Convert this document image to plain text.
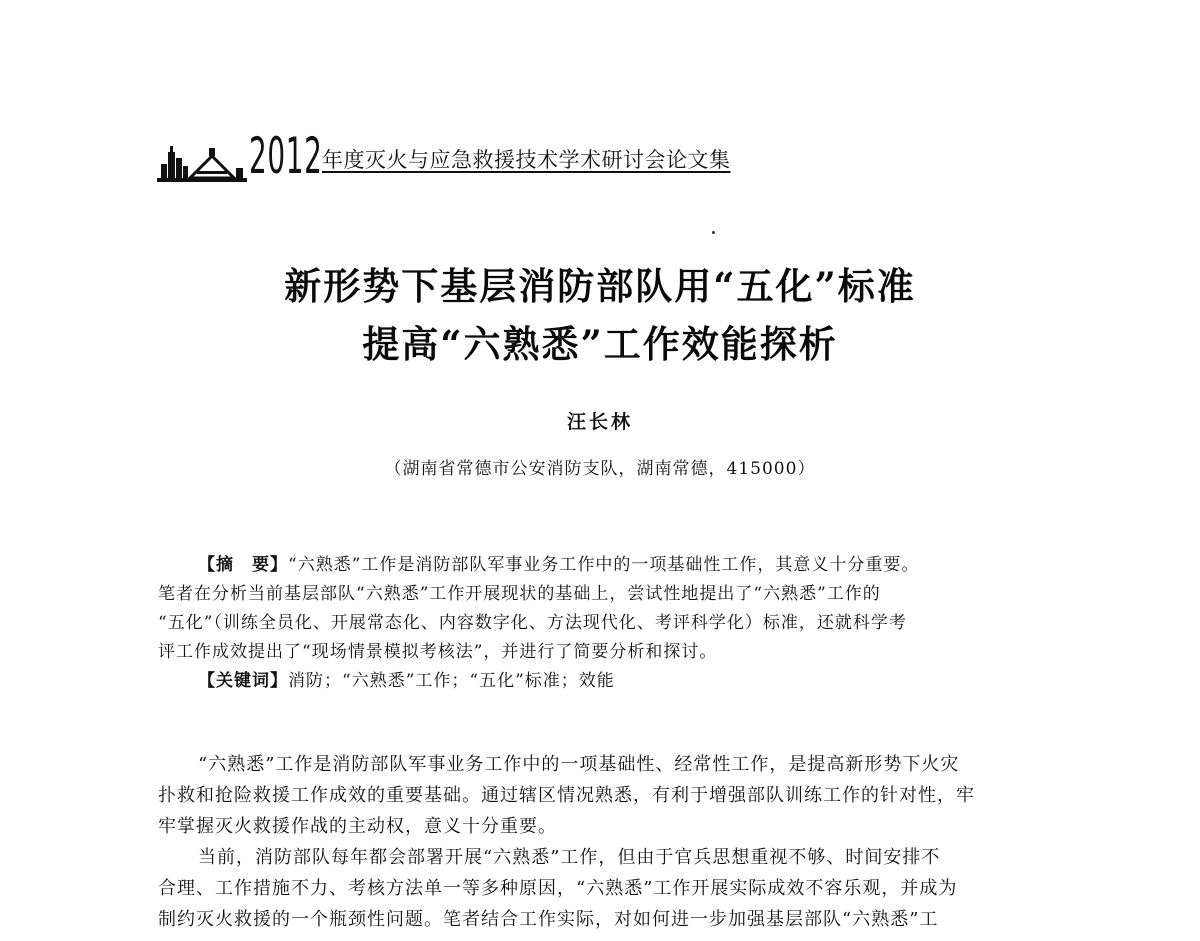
2012 年度灭火与应急救援技术学术研讨会论文集
新形势下基层消防部队用“五化”标准
提高“六熟悉”工作效能探析
汪长林
（湖南省常德市公安消防支队，湖南常德，415000）
【摘　要】“六熟悉”工作是消防部队军事业务工作中的一项基础性工作，其意义十分重要。
笔者在分析当前基层部队“六熟悉”工作开展现状的基础上，尝试性地提出了“六熟悉”工作的
“五化”（训练全员化、开展常态化、内容数字化、方法现代化、考评科学化）标准，还就科学考
评工作成效提出了“现场情景模拟考核法”，并进行了简要分析和探讨。
【关键词】消防；“六熟悉”工作；“五化”标准；效能
“六熟悉”工作是消防部队军事业务工作中的一项基础性、经常性工作，是提高新形势下火灾
扑救和抢险救援工作成效的重要基础。通过辖区情况熟悉，有利于增强部队训练工作的针对性，牢
牢掌握灭火救援作战的主动权，意义十分重要。
当前，消防部队每年都会部署开展“六熟悉”工作，但由于官兵思想重视不够、时间安排不
合理、工作措施不力、考核方法单一等多种原因，“六熟悉”工作开展实际成效不容乐观，并成为
制约灭火救援的一个瓶颈性问题。笔者结合工作实际，对如何进一步加强基层部队“六熟悉”工
